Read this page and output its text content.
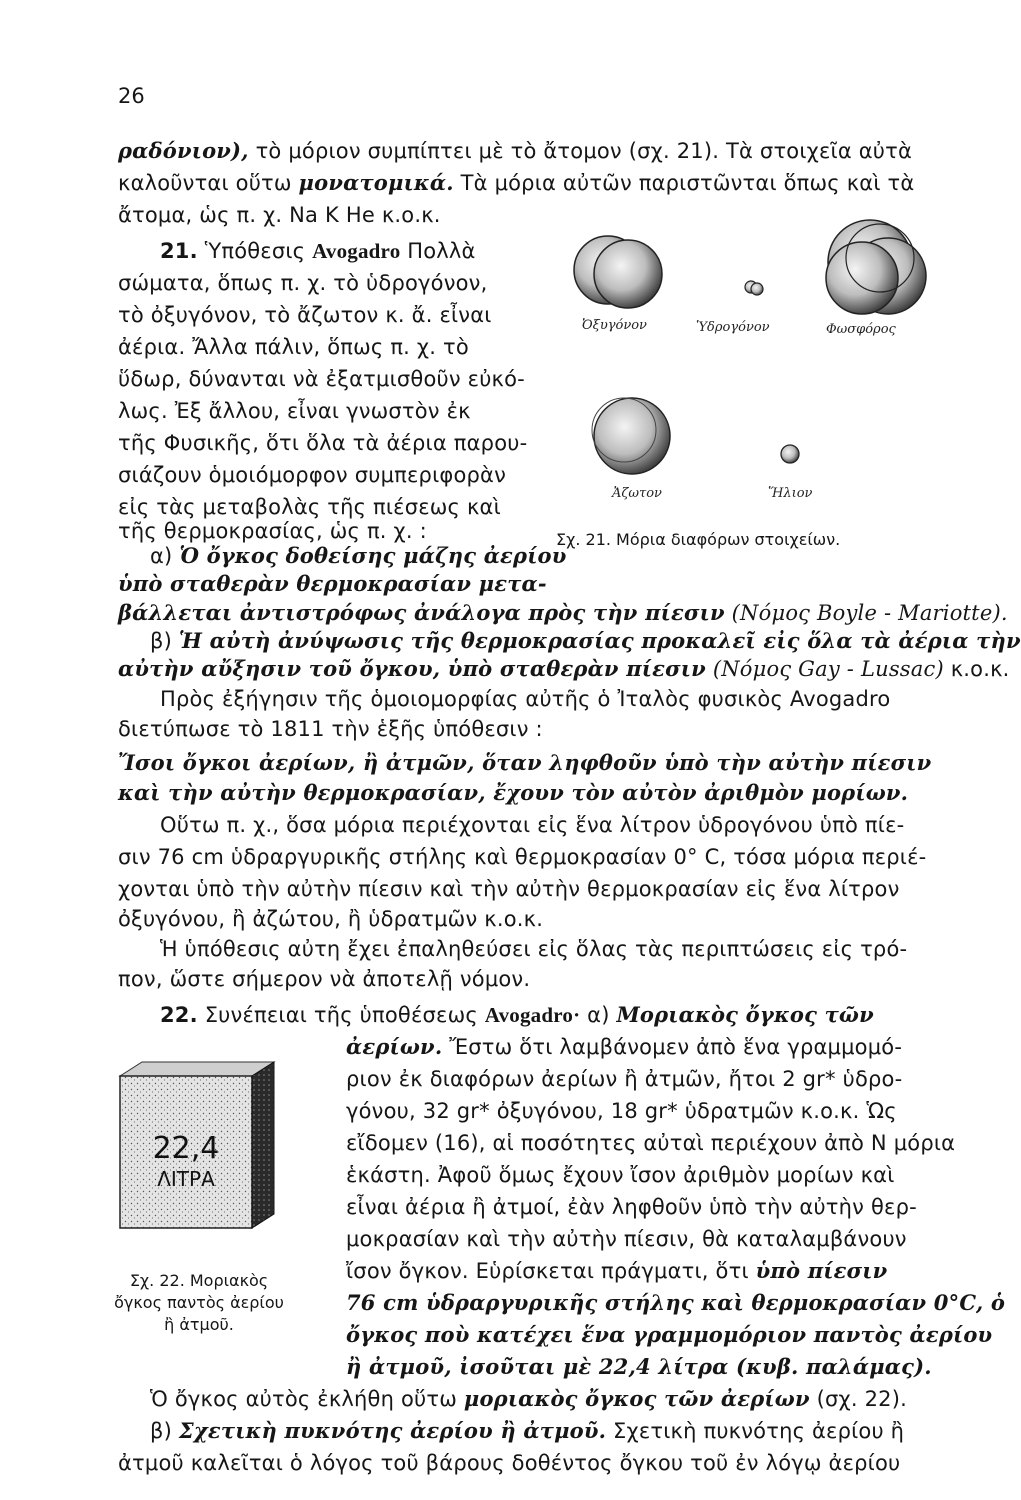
26
ραδόνιον), τὸ μόριον συμπίπτει μὲ τὸ ἄτομον (σχ. 21). Τὰ στοιχεῖα αὐτὰ
καλοῦνται οὕτω μονατομικά. Τὰ μόρια αὐτῶν παριστῶνται ὅπως καὶ τὰ
ἄτομα, ὡς π. χ. Na K He κ.ο.κ.
21. Ὑπόθεσις Avogadro Πολλὰ
σώματα, ὅπως π. χ. τὸ ὑδρογόνον,
τὸ ὀξυγόνον, τὸ ἄζωτον κ. ἄ. εἶναι
ἀέρια. Ἄλλα πάλιν, ὅπως π. χ. τὸ
ὕδωρ, δύνανται νὰ ἐξατμισθοῦν εὐκό-
λως. Ἐξ ἄλλου, εἶναι γνωστὸν ἐκ
τῆς Φυσικῆς, ὅτι ὅλα τὰ ἀέρια παρου-
σιάζουν ὁμοιόμορφον συμπεριφορὰν
εἰς τὰς μεταβολὰς τῆς πιέσεως καὶ
τῆς θερμοκρασίας, ὡς π. χ. :
Ὀξυγόνον	Ὑδρογόνον	Φωσφόρος
Ἀζωτον	Ἥλιον
Σχ. 21. Μόρια διαφόρων στοιχείων.
α) Ὁ ὄγκος δοθείσης μάζης ἀερίου
ὑπὸ σταθερὰν θερμοκρασίαν μετα-
βάλλεται ἀντιστρόφως ἀνάλογα πρὸς τὴν πίεσιν (Νόμος Boyle - Mariotte).
β) Ἡ αὐτὴ ἀνύψωσις τῆς θερμοκρασίας προκαλεῖ εἰς ὅλα τὰ ἀέρια τὴν
αὐτὴν αὔξησιν τοῦ ὄγκου, ὑπὸ σταθερὰν πίεσιν (Νόμος Gay - Lussac) κ.ο.κ.
Πρὸς ἐξήγησιν τῆς ὁμοιομορφίας αὐτῆς ὁ Ἰταλὸς φυσικὸς Avogadro
διετύπωσε τὸ 1811 τὴν ἑξῆς ὑπόθεσιν :
Ἴσοι ὄγκοι ἀερίων, ἢ ἀτμῶν, ὅταν ληφθοῦν ὑπὸ τὴν αὐτὴν πίεσιν
καὶ τὴν αὐτὴν θερμοκρασίαν, ἔχουν τὸν αὐτὸν ἀριθμὸν μορίων.
Οὕτω π. χ., ὅσα μόρια περιέχονται εἰς ἕνα λίτρον ὑδρογόνου ὑπὸ πίε-
σιν 76 cm ὑδραργυρικῆς στήλης καὶ θερμοκρασίαν 0° C, τόσα μόρια περιέ-
χονται ὑπὸ τὴν αὐτὴν πίεσιν καὶ τὴν αὐτὴν θερμοκρασίαν εἰς ἕνα λίτρον
ὀξυγόνου, ἢ ἀζώτου, ἢ ὑδρατμῶν κ.ο.κ.
Ἡ ὑπόθεσις αὐτη ἔχει ἐπαληθεύσει εἰς ὅλας τὰς περιπτώσεις εἰς τρό-
πον, ὥστε σήμερον νὰ ἀποτελῇ νόμον.
22. Συνέπειαι τῆς ὑποθέσεως Avogadro· α) Μοριακὸς ὄγκος τῶν
ἀερίων. Ἔστω ὅτι λαμβάνομεν ἀπὸ ἕνα γραμμομό-
ριον ἐκ διαφόρων ἀερίων ἢ ἀτμῶν, ἤτοι 2 gr* ὑδρο-
γόνου, 32 gr* ὀξυγόνου, 18 gr* ὑδρατμῶν κ.ο.κ. Ὡς
εἴδομεν (16), αἱ ποσότητες αὐταὶ περιέχουν ἀπὸ N μόρια
ἑκάστη. Ἀφοῦ ὅμως ἔχουν ἴσον ἀριθμὸν μορίων καὶ
εἶναι ἀέρια ἢ ἀτμοί, ἐὰν ληφθοῦν ὑπὸ τὴν αὐτὴν θερ-
μοκρασίαν καὶ τὴν αὐτὴν πίεσιν, θὰ καταλαμβάνουν
ἴσον ὄγκον. Εὑρίσκεται πράγματι, ὅτι ὑπὸ πίεσιν
76 cm ὑδραργυρικῆς στήλης καὶ θερμοκρασίαν 0°C, ὁ
ὄγκος ποὺ κατέχει ἕνα γραμμομόριον παντὸς ἀερίου
ἢ ἀτμοῦ, ἰσοῦται μὲ 22,4 λίτρα (κυβ. παλάμας).
Ὁ ὄγκος αὐτὸς ἐκλήθη οὕτω μοριακὸς ὄγκος τῶν ἀερίων (σχ. 22).
β) Σχετικὴ πυκνότης ἀερίου ἢ ἀτμοῦ. Σχετικὴ πυκνότης ἀερίου ἢ
ἀτμοῦ καλεῖται ὁ λόγος τοῦ βάρους δοθέντος ὄγκου τοῦ ἐν λόγῳ ἀερίου
22,4
ΛΙΤΡΑ
Σχ. 22. Μοριακὸς
ὄγκος παντὸς ἀερίου
ἢ ἀτμοῦ.
